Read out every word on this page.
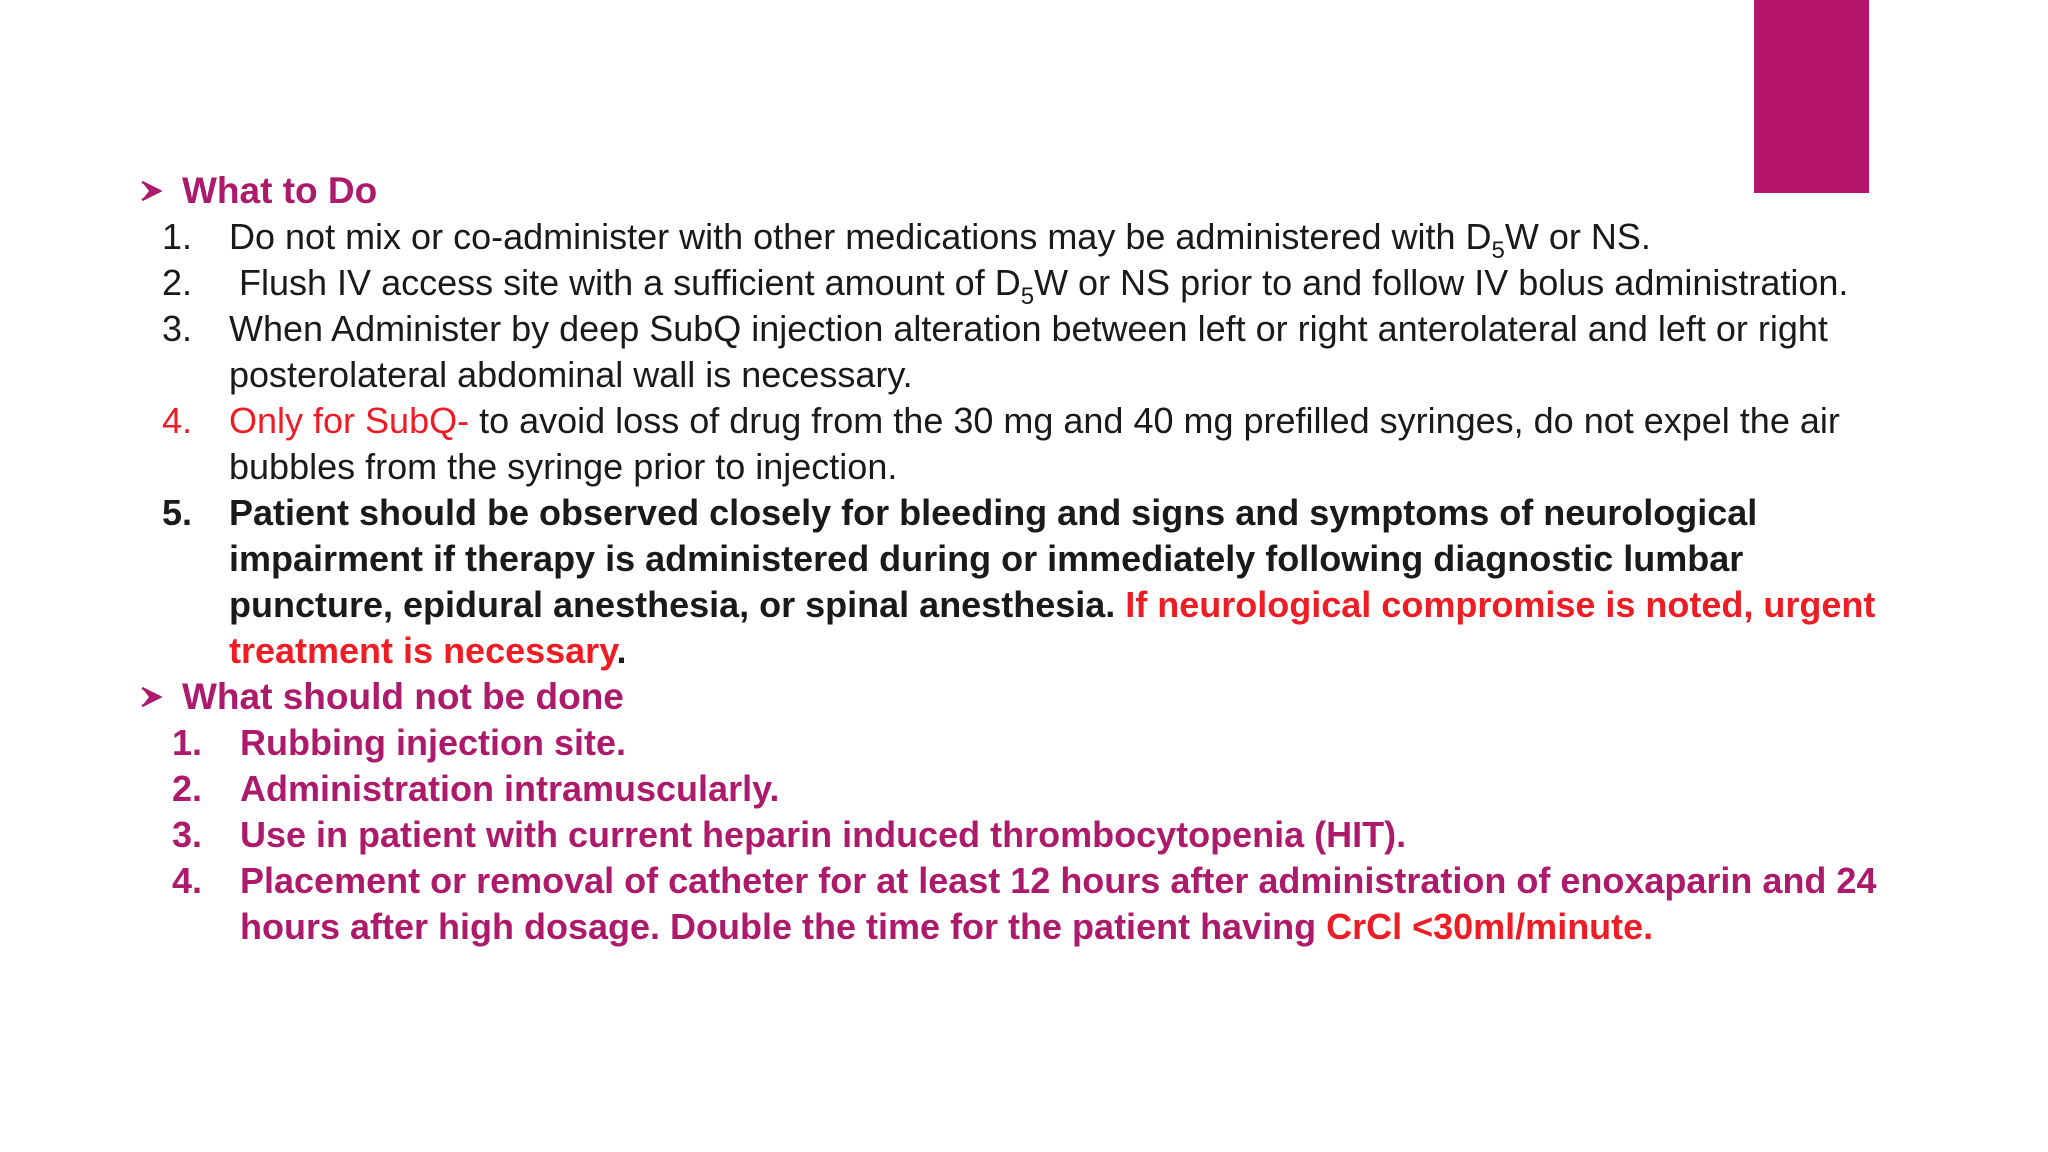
What to Do
1. Do not mix or co-administer with other medications may be administered with $D_5W$ or NS.
2. Flush IV access site with a sufficient amount of $D_5W$ or NS prior to and follow IV bolus administration.
3. When Administer by deep SubQ injection alteration between left or right anterolateral and left or right posterolateral abdominal wall is necessary.
4. Only for SubQ- to avoid loss of drug from the 30 mg and 40 mg prefilled syringes, do not expel the air bubbles from the syringe prior to injection.
5. Patient should be observed closely for bleeding and signs and symptoms of neurological impairment if therapy is administered during or immediately following diagnostic lumbar puncture, epidural anesthesia, or spinal anesthesia. If neurological compromise is noted, urgent treatment is necessary.
What should not be done
1. Rubbing injection site.
2. Administration intramuscularly.
3. Use in patient with current heparin induced thrombocytopenia (HIT).
4. Placement or removal of catheter for at least 12 hours after administration of enoxaparin and 24 hours after high dosage. Double the time for the patient having CrCl <30ml/minute.
